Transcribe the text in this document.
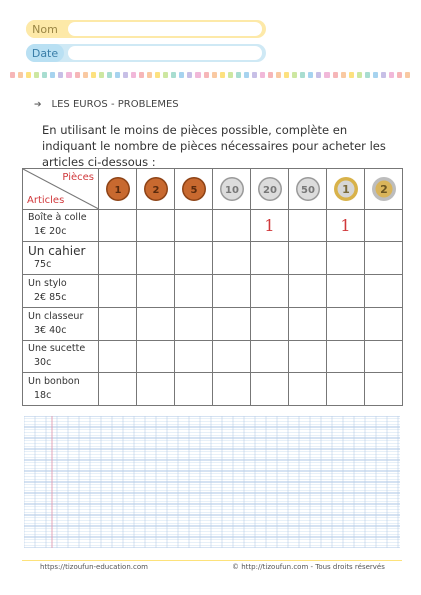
Nom
Date
➔ LES EUROS - PROBLEMES
En utilisant le moins de pièces possible, complète en indiquant le nombre de pièces nécessaires pour acheter les articles ci-dessous :
Pièces
Articles	1	2	5	10	20	50	1	2

Boîte à colle
1€ 20c					1		1	

Un cahier
75c								

Un stylo
2€ 85c								

Un classeur
3€ 40c								

Une sucette
30c								

Un bonbon
18c								

https://tizoufun-education.com	© http://tizoufun.com - Tous droits réservés
